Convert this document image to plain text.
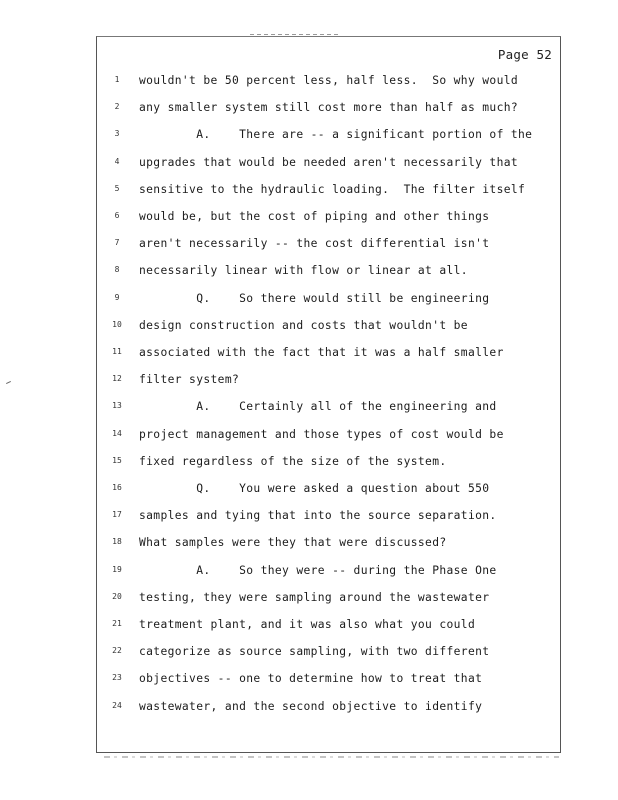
Page 52
1	wouldn't be 50 percent less, half less.  So why would
2	any smaller system still cost more than half as much?
3	A.    There are -- a significant portion of the
4	upgrades that would be needed aren't necessarily that
5	sensitive to the hydraulic loading.  The filter itself
6	would be, but the cost of piping and other things
7	aren't necessarily -- the cost differential isn't
8	necessarily linear with flow or linear at all.
9	Q.    So there would still be engineering
10	design construction and costs that wouldn't be
11	associated with the fact that it was a half smaller
12	filter system?
13	A.    Certainly all of the engineering and
14	project management and those types of cost would be
15	fixed regardless of the size of the system.
16	Q.    You were asked a question about 550
17	samples and tying that into the source separation.
18	What samples were they that were discussed?
19	A.    So they were -- during the Phase One
20	testing, they were sampling around the wastewater
21	treatment plant, and it was also what you could
22	categorize as source sampling, with two different
23	objectives -- one to determine how to treat that
24	wastewater, and the second objective to identify
